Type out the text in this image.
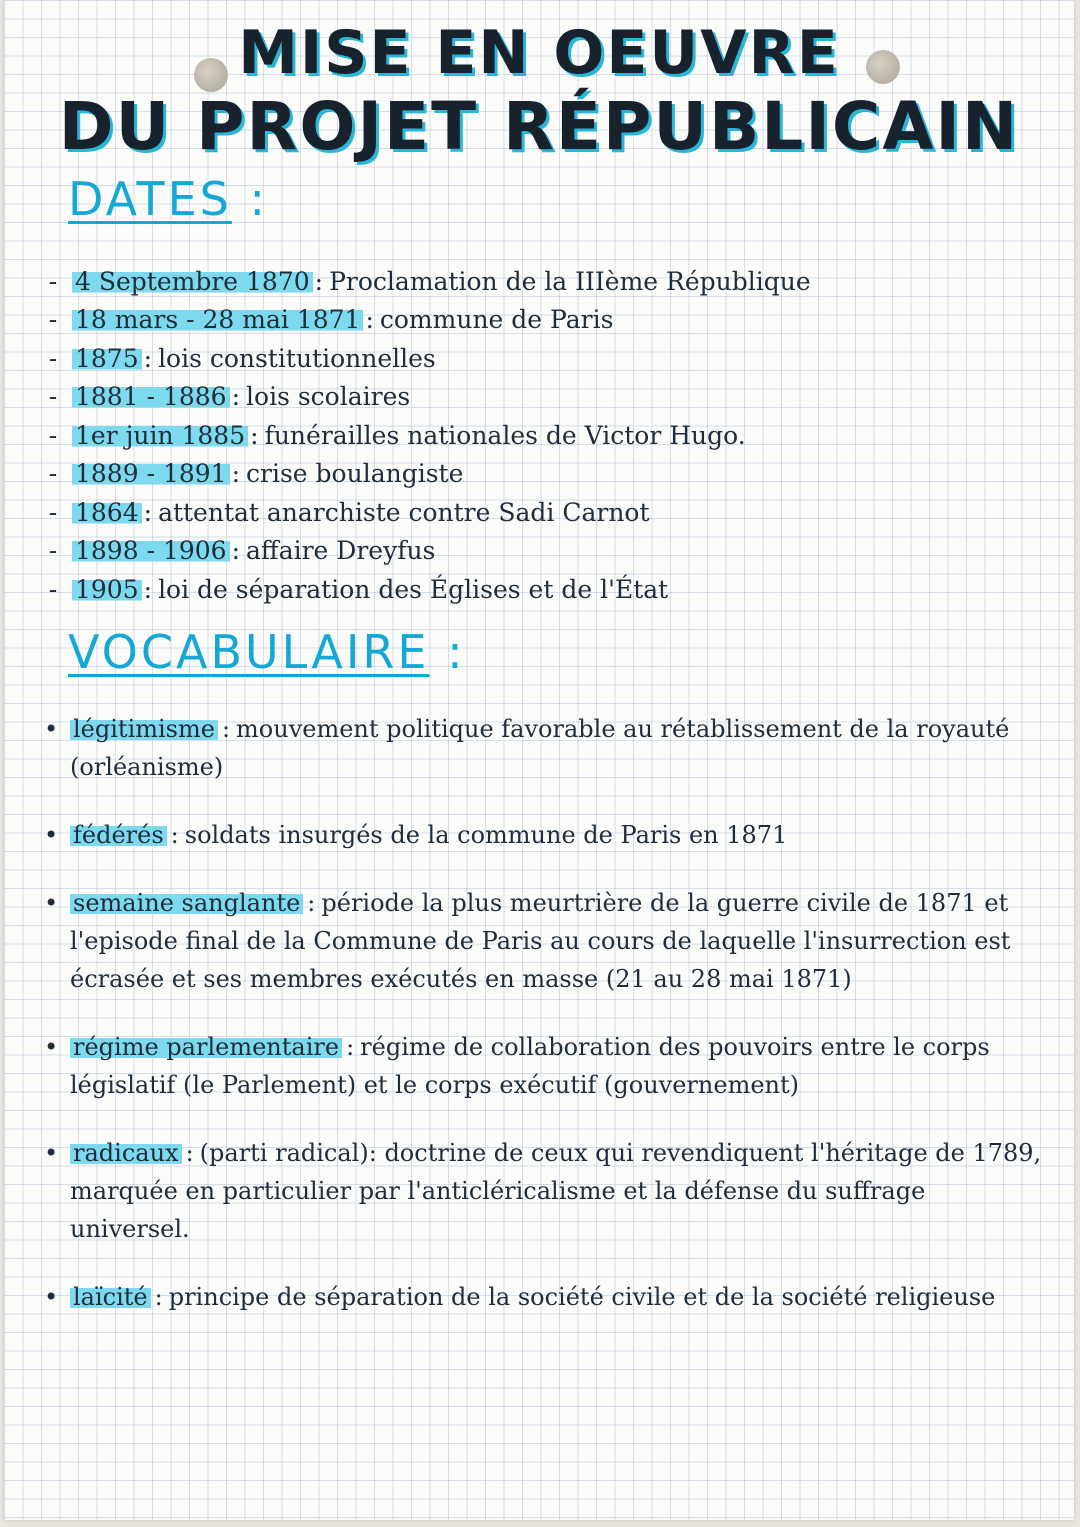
MISE EN OEUVRE
DU PROJET RÉPUBLICAIN
DATES :
- 4 Septembre 1870 : Proclamation de la IIIème République
- 18 mars - 28 mai 1871 : commune de Paris
- 1875 : lois constitutionnelles
- 1881 - 1886 : lois scolaires
- 1er juin 1885 : funérailles nationales de Victor Hugo.
- 1889 - 1891 : crise boulangiste
- 1864 : attentat anarchiste contre Sadi Carnot
- 1898 - 1906 : affaire Dreyfus
- 1905 : loi de séparation des Églises et de l'État
VOCABULAIRE :
• légitimisme : mouvement politique favorable au rétablissement de la royauté (orléanisme)
• fédérés : soldats insurgés de la commune de Paris en 1871
• semaine sanglante : période la plus meurtrière de la guerre civile de 1871 et l'episode final de la Commune de Paris au cours de laquelle l'insurrection est écrasée et ses membres exécutés en masse (21 au 28 mai 1871)
• régime parlementaire : régime de collaboration des pouvoirs entre le corps législatif (le Parlement) et le corps exécutif (gouvernement)
• radicaux : (parti radical): doctrine de ceux qui revendiquent l'héritage de 1789, marquée en particulier par l'anticléricalisme et la défense du suffrage universel.
• laïcité : principe de séparation de la société civile et de la société religieuse
